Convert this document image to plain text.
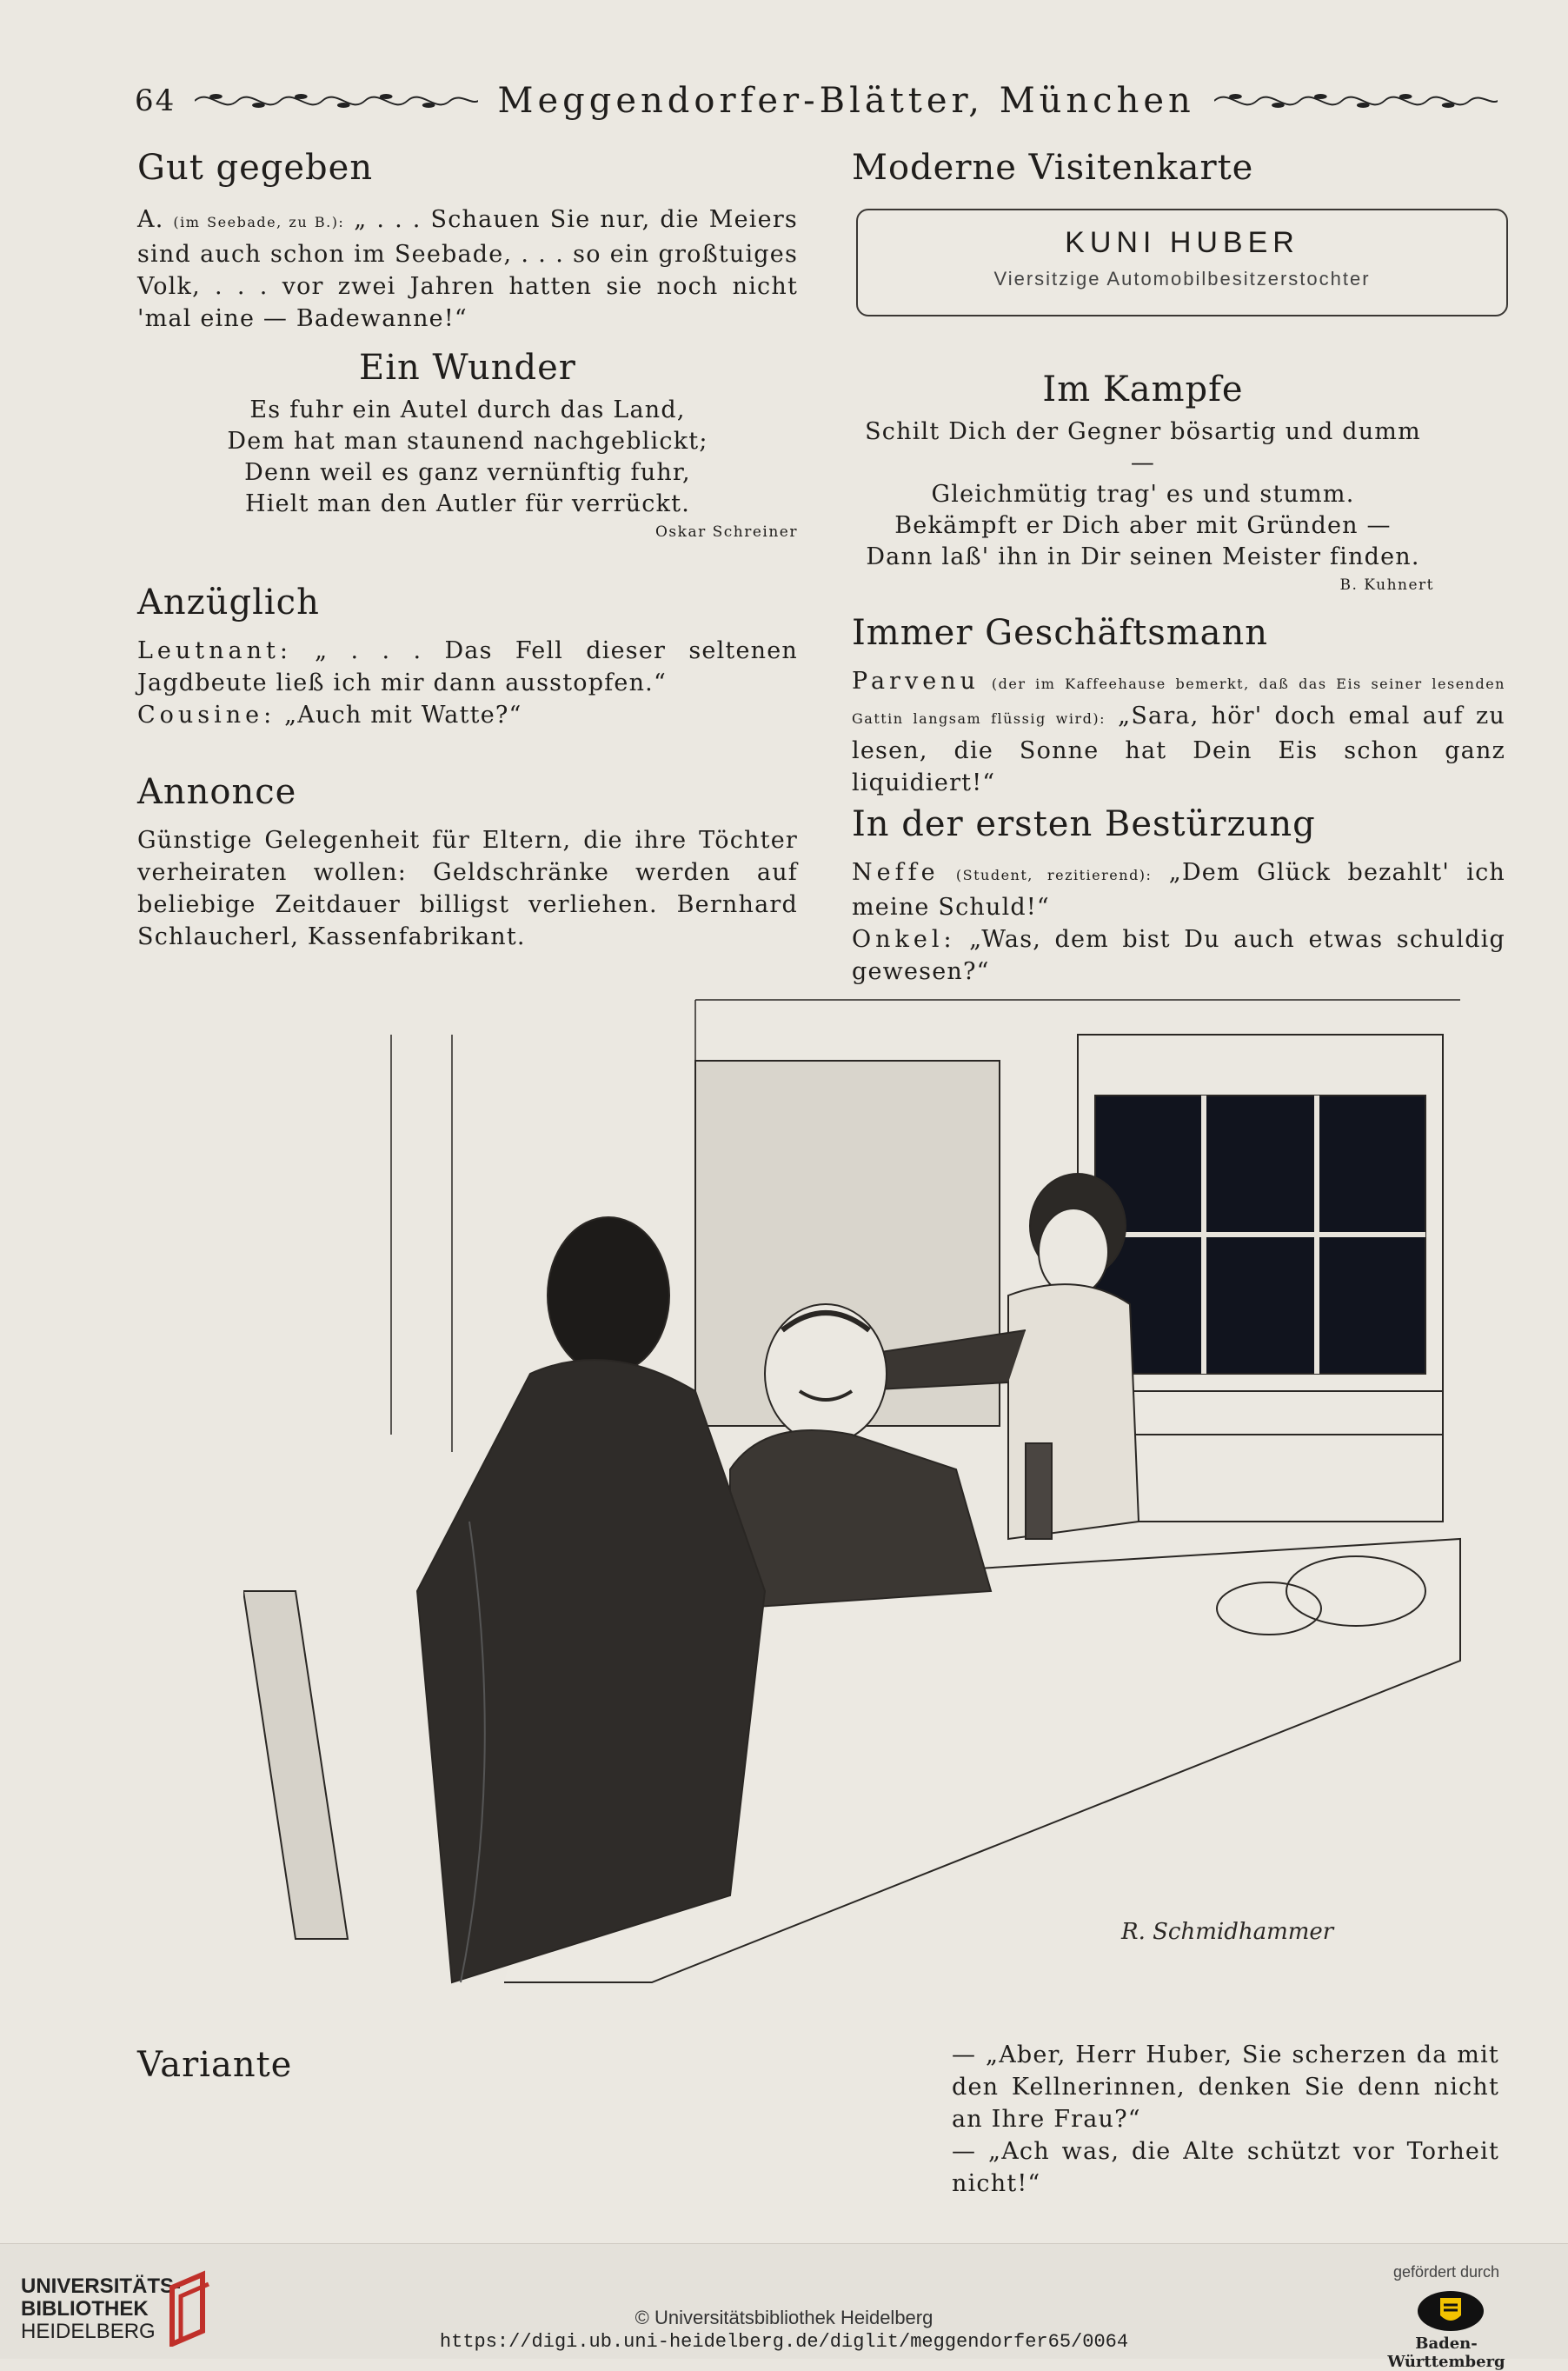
64	Meggendorfer-Blätter, München
Gut gegeben

A. (im Seebade, zu B.): „ . . . Schauen Sie nur, die Meiers sind auch schon im Seebade, . . . so ein großtuiges Volk, . . . vor zwei Jahren hatten sie noch nicht 'mal eine — Badewanne!“

Ein Wunder
Es fuhr ein Autel durch das Land,
Dem hat man staunend nachgeblickt;
Denn weil es ganz vernünftig fuhr,
Hielt man den Autler für verrückt.
Oskar Schreiner
Anzüglich

Leutnant: „ . . . Das Fell dieser seltenen Jagdbeute ließ ich mir dann ausstopfen.“
Cousine: „Auch mit Watte?“

Annonce

Günstige Gelegenheit für Eltern, die ihre Töchter verheiraten wollen: Geldschränke werden auf beliebige Zeitdauer billigst verliehen. Bernhard Schlaucherl, Kassenfabrikant.

Variante
Moderne Visitenkarte
KUNI HUBER
Viersitzige Automobilbesitzerstochter
Im Kampfe
Schilt Dich der Gegner bösartig und dumm —
Gleichmütig trag' es und stumm.
Bekämpft er Dich aber mit Gründen —
Dann laß' ihn in Dir seinen Meister finden.
B. Kuhnert
Immer Geschäftsmann

Parvenu (der im Kaffeehause bemerkt, daß das Eis seiner lesenden Gattin langsam flüssig wird): „Sara, hör' doch emal auf zu lesen, die Sonne hat Dein Eis schon ganz liquidiert!“

In der ersten Bestürzung

Neffe (Student, rezitierend): „Dem Glück bezahlt' ich meine Schuld!“
Onkel: „Was, dem bist Du auch etwas schuldig gewesen?“

R. Schmidhammer

— „Aber, Herr Huber, Sie scherzen da mit den Kellnerinnen, denken Sie denn nicht an Ihre Frau?“

— „Ach was, die Alte schützt vor Torheit nicht!“

UNIVERSITÄTS-
BIBLIOTHEK
HEIDELBERG
© Universitätsbibliothek Heidelberg
https://digi.ub.uni-heidelberg.de/diglit/meggendorfer65/0064
gefördert durch
Baden-Württemberg
